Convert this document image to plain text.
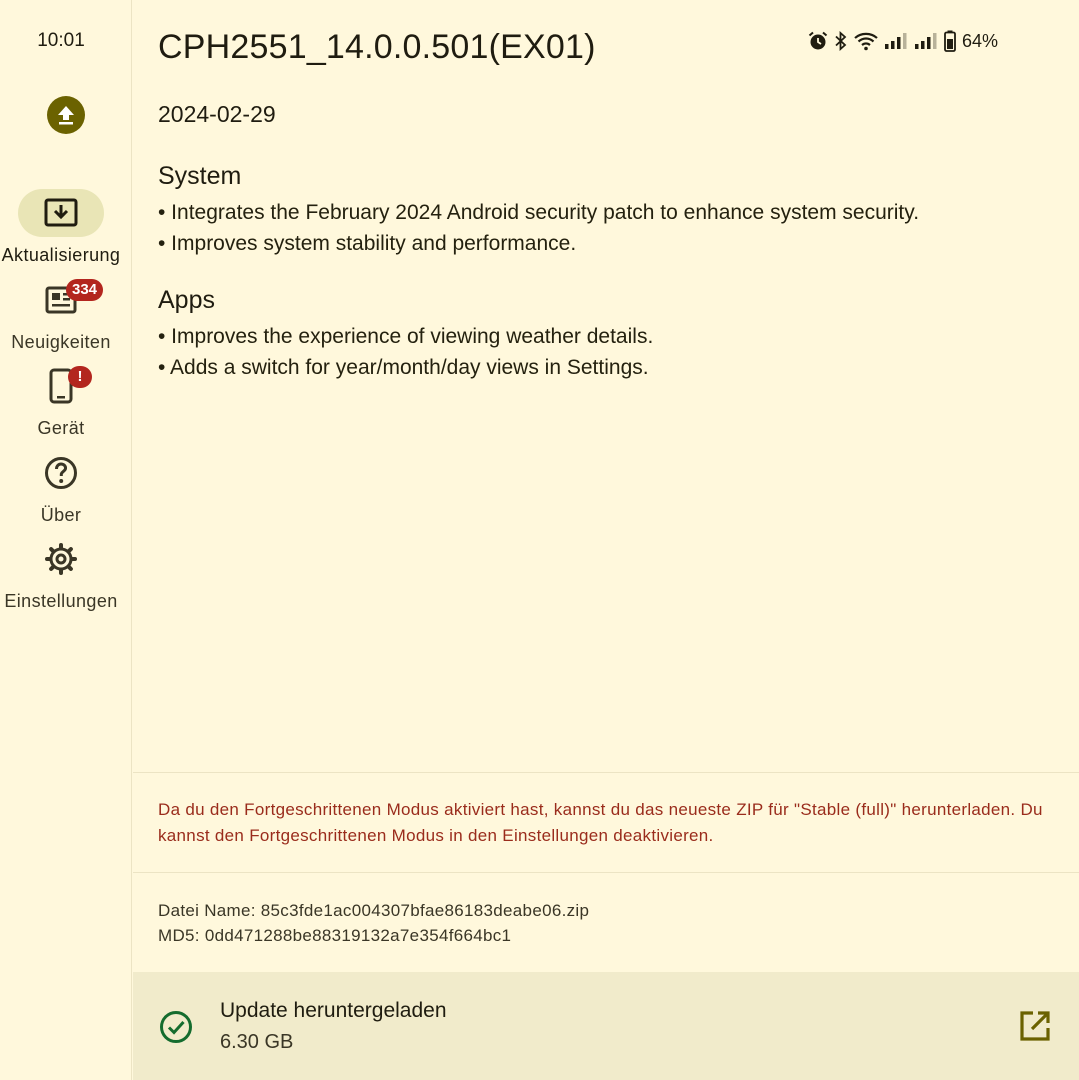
10:01
Aktualisierung
334
Neuigkeiten
!
Gerät
Über
Einstellungen
64%
CPH2551_14.0.0.501(EX01)
2024-02-29
System
• Integrates the February 2024 Android security patch to enhance system security.
• Improves system stability and performance.
Apps
• Improves the experience of viewing weather details.
• Adds a switch for year/month/day views in Settings.
Da du den Fortgeschrittenen Modus aktiviert hast, kannst du das neueste ZIP für "Stable (full)" herunterladen. Du kannst den Fortgeschrittenen Modus in den Einstellungen deaktivieren.
Datei Name: 85c3fde1ac004307bfae86183deabe06.zip
MD5: 0dd471288be88319132a7e354f664bc1
Update heruntergeladen
6.30 GB
